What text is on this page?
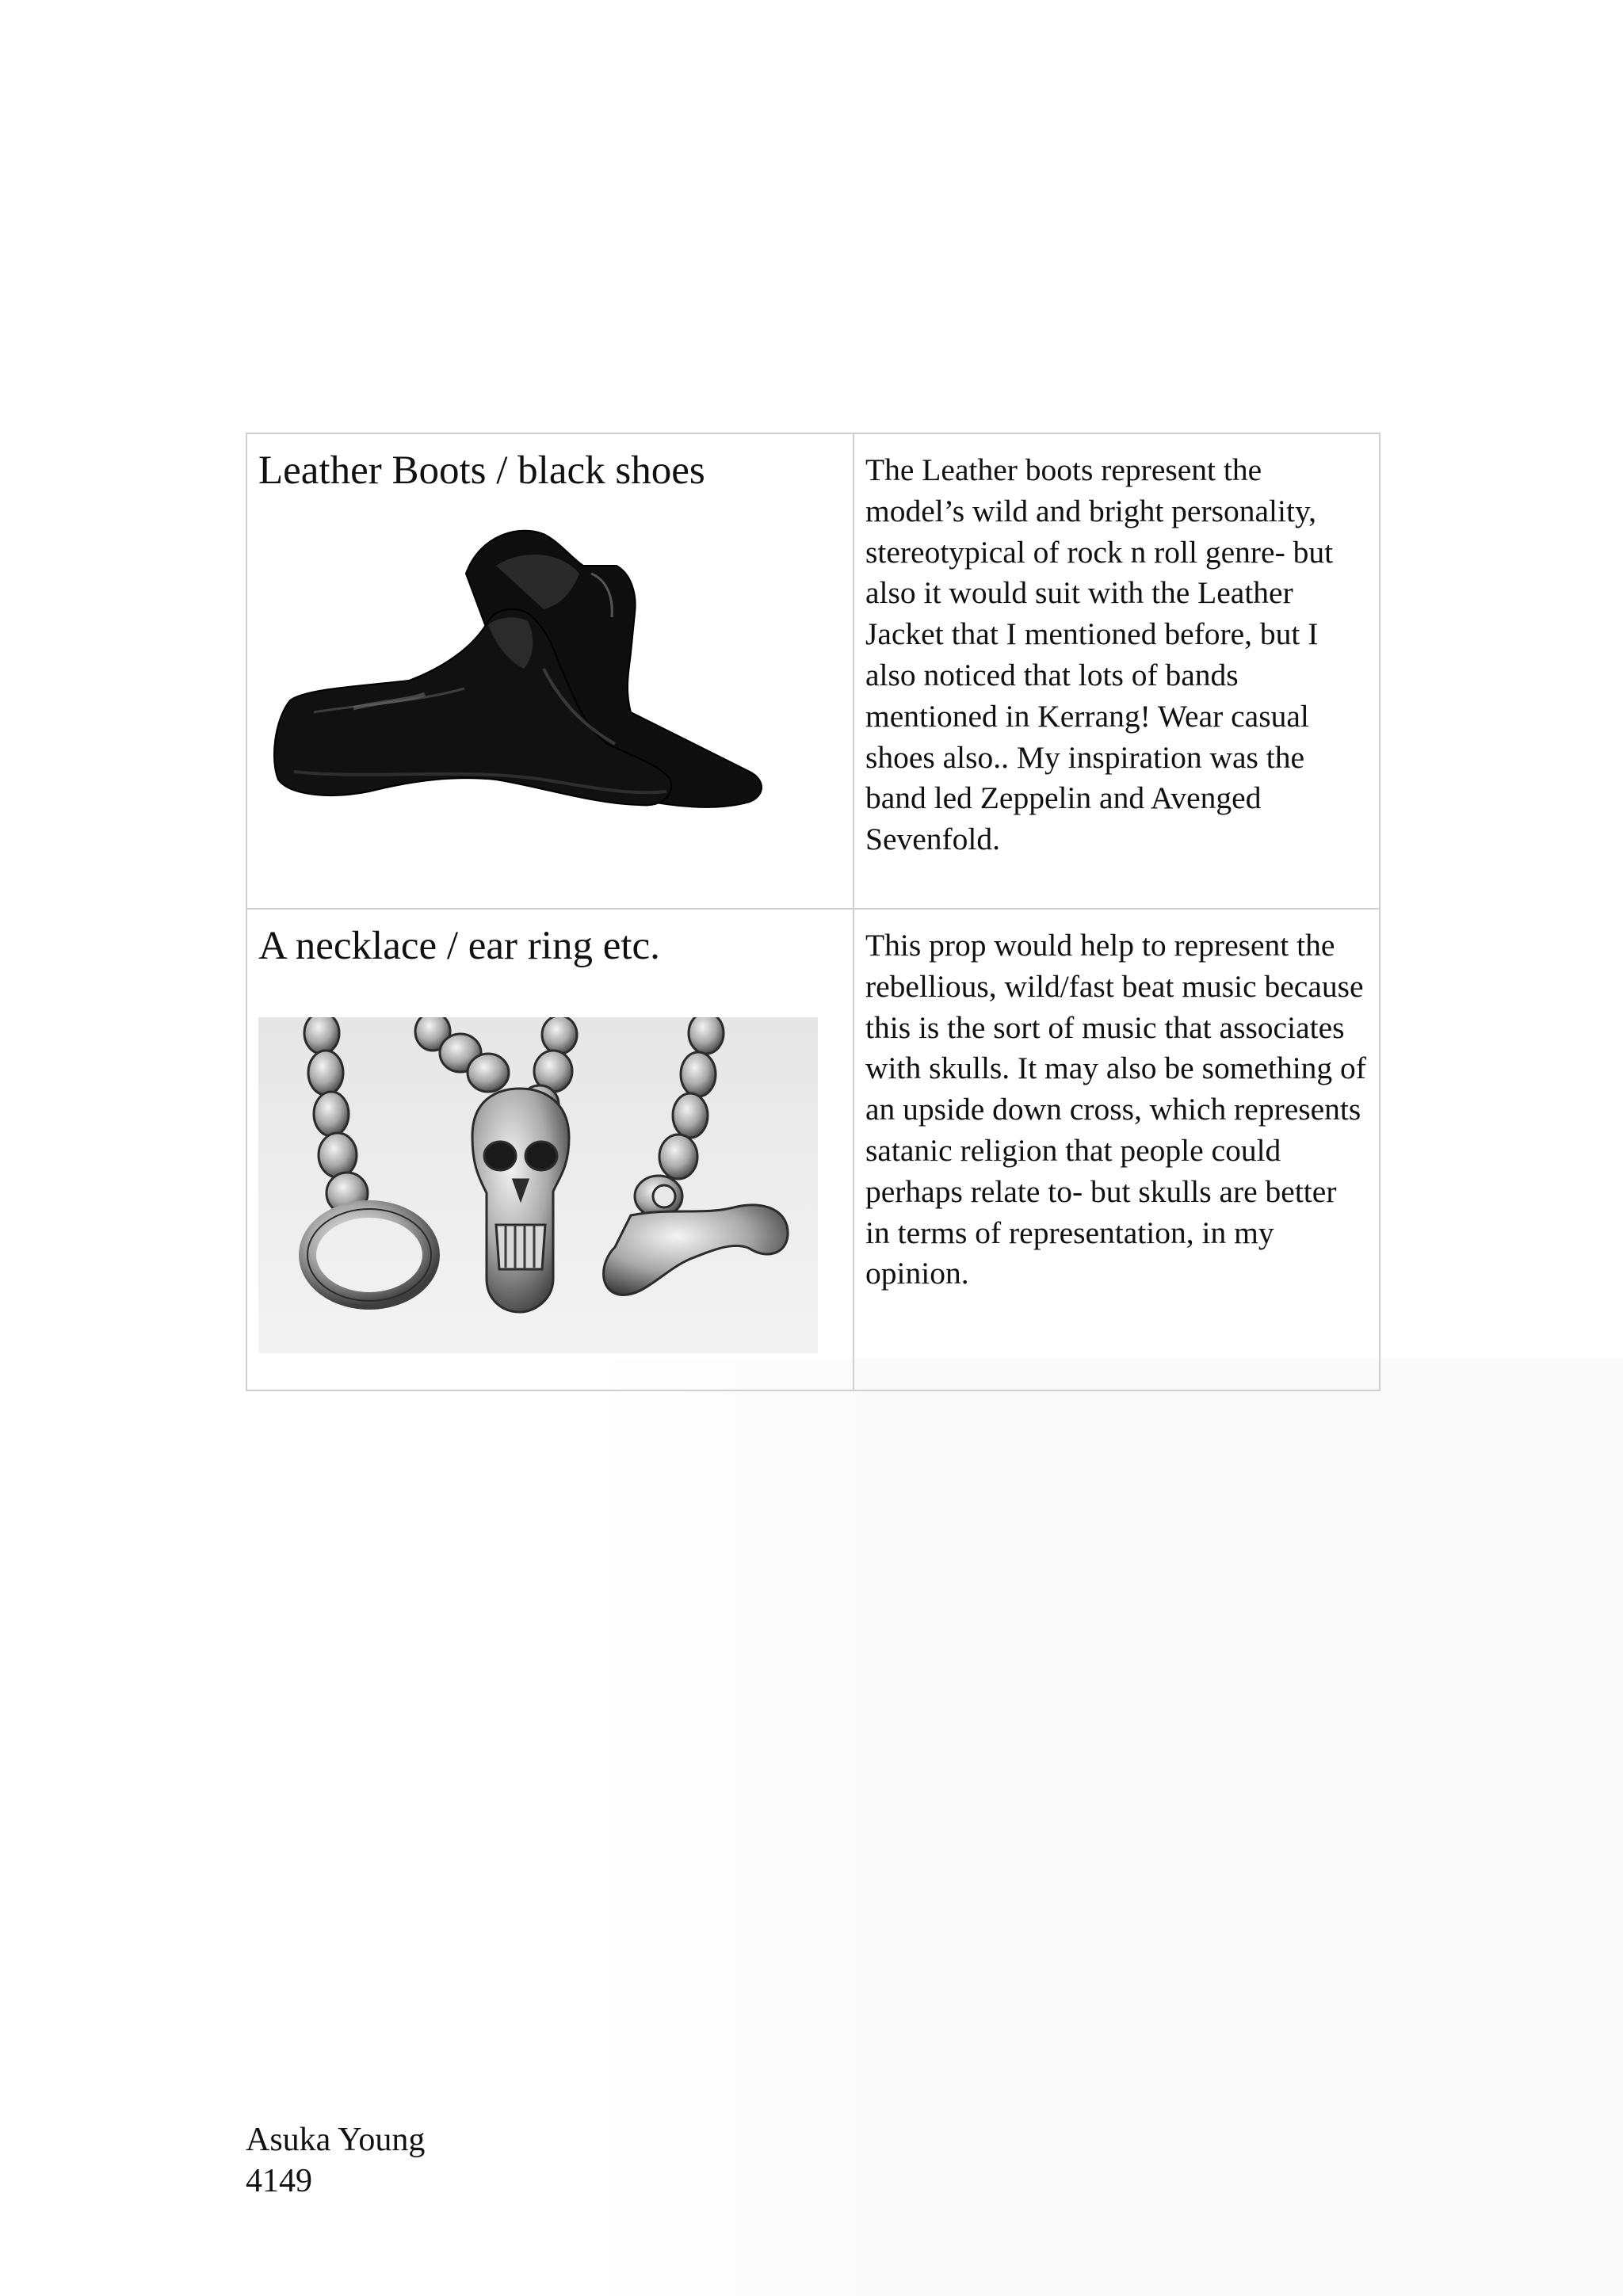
Leather Boots / black shoes	The Leather boots represent the model’s wild and bright personality, stereotypical of rock n roll genre- but also it would suit with the Leather Jacket that I mentioned before, but I also noticed that lots of bands mentioned in Kerrang! Wear casual shoes also.. My inspiration was the band led Zeppelin and Avenged Sevenfold.

A necklace / ear ring etc.	This prop would help to represent the rebellious, wild/fast beat music because this is the sort of music that associates with skulls. It may also be something of an upside down cross, which represents satanic religion that people could perhaps relate to- but skulls are better in terms of representation, in my opinion.

Asuka Young
4149
